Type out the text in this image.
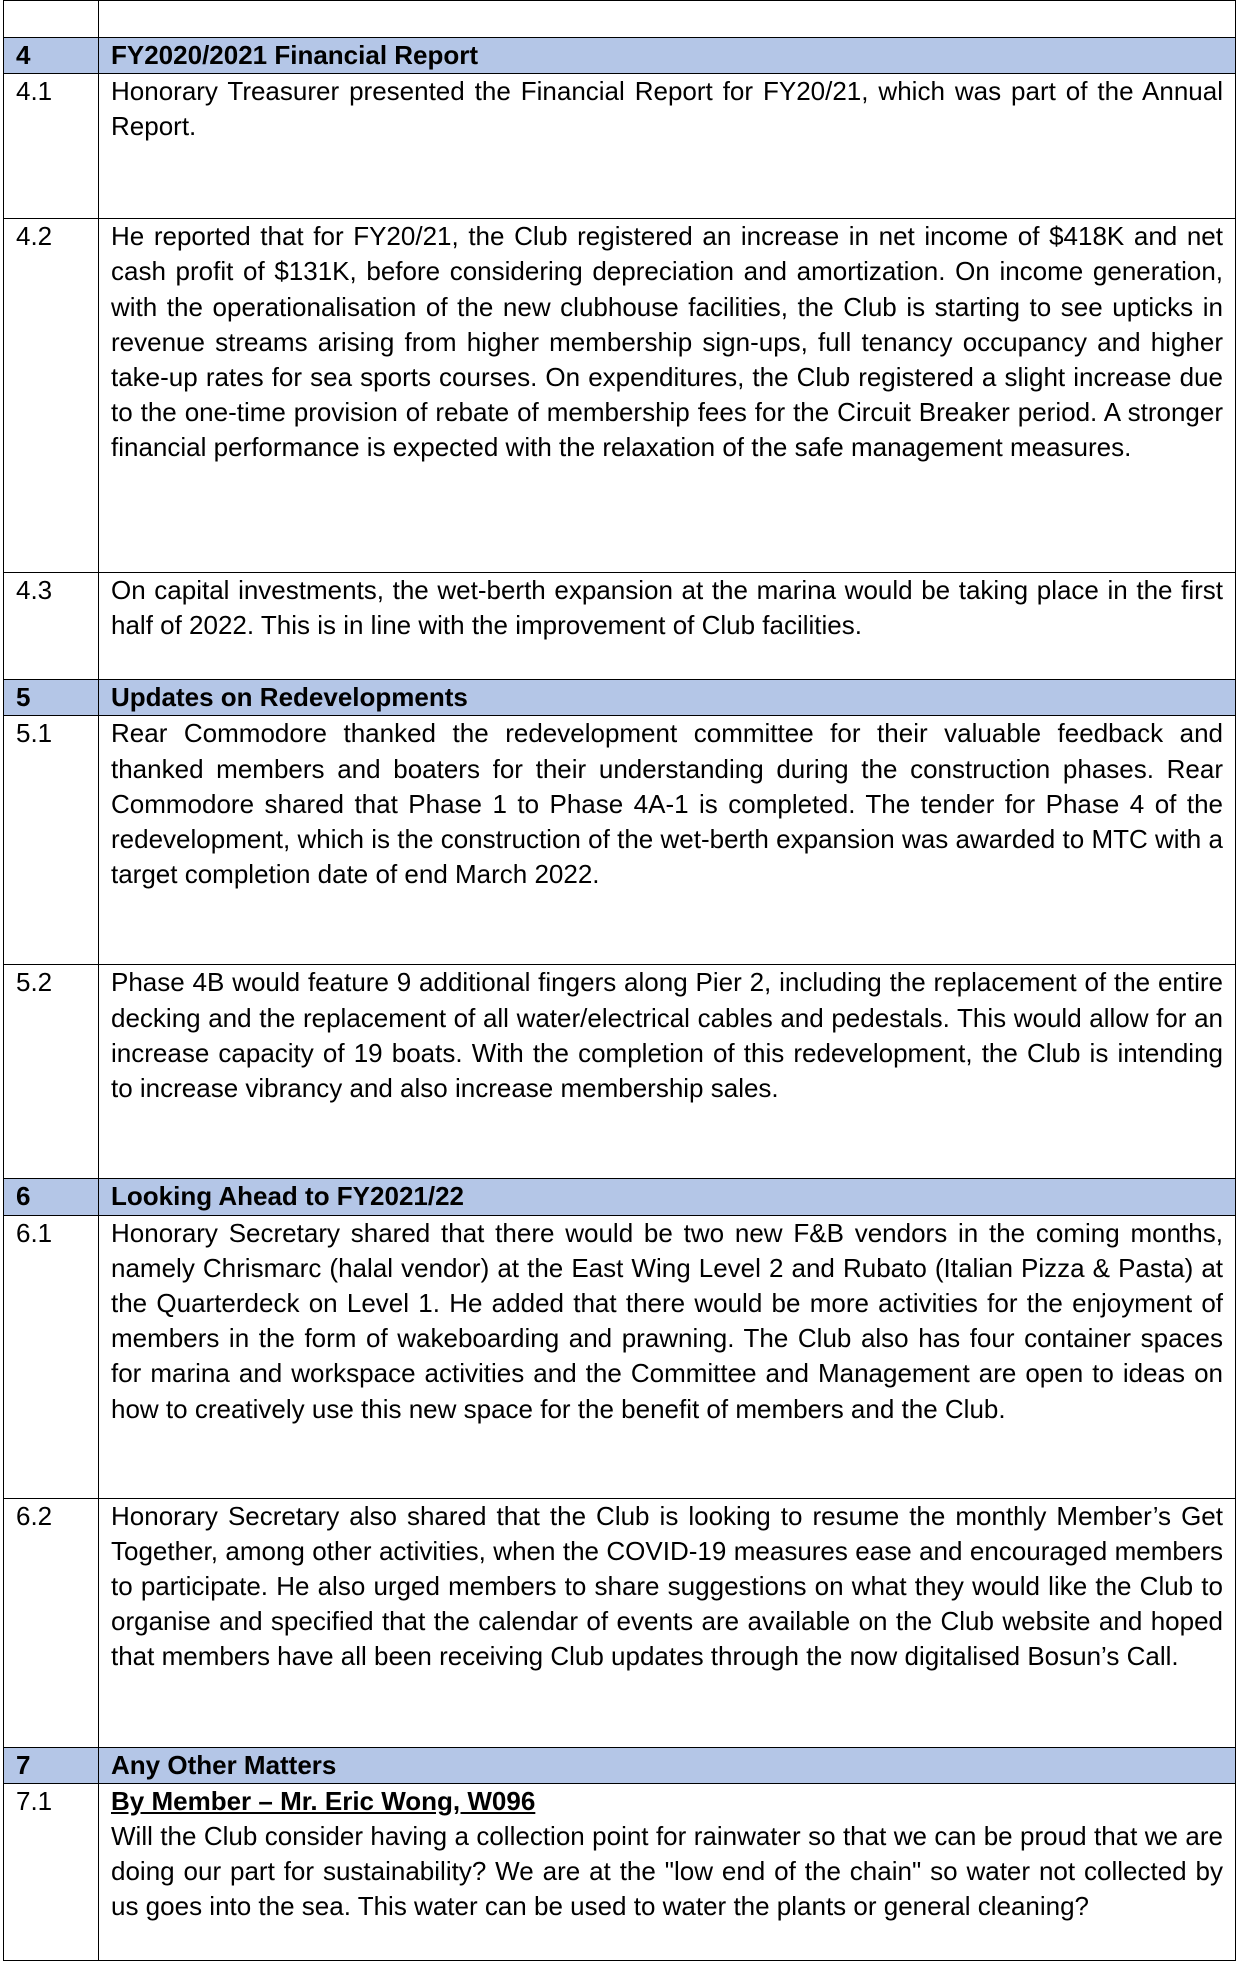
4	FY2020/2021 Financial Report
4.1	Honorary Treasurer presented the Financial Report for FY20/21, which was part of the Annual Report.
4.2	He reported that for FY20/21, the Club registered an increase in net income of $418K and net cash profit of $131K, before considering depreciation and amortization. On income generation, with the operationalisation of the new clubhouse facilities, the Club is starting to see upticks in revenue streams arising from higher membership sign-ups, full tenancy occupancy and higher take-up rates for sea sports courses. On expenditures, the Club registered a slight increase due to the one-time provision of rebate of membership fees for the Circuit Breaker period. A stronger financial performance is expected with the relaxation of the safe management measures.
4.3	On capital investments, the wet-berth expansion at the marina would be taking place in the first half of 2022. This is in line with the improvement of Club facilities.
5	Updates on Redevelopments
5.1	Rear Commodore thanked the redevelopment committee for their valuable feedback and thanked members and boaters for their understanding during the construction phases. Rear Commodore shared that Phase 1 to Phase 4A-1 is completed. The tender for Phase 4 of the redevelopment, which is the construction of the wet-berth expansion was awarded to MTC with a target completion date of end March 2022.
5.2	Phase 4B would feature 9 additional fingers along Pier 2, including the replacement of the entire decking and the replacement of all water/electrical cables and pedestals. This would allow for an increase capacity of 19 boats. With the completion of this redevelopment, the Club is intending to increase vibrancy and also increase membership sales.
6	Looking Ahead to FY2021/22
6.1	Honorary Secretary shared that there would be two new F&B vendors in the coming months, namely Chrismarc (halal vendor) at the East Wing Level 2 and Rubato (Italian Pizza & Pasta) at the Quarterdeck on Level 1. He added that there would be more activities for the enjoyment of members in the form of wakeboarding and prawning. The Club also has four container spaces for marina and workspace activities and the Committee and Management are open to ideas on how to creatively use this new space for the benefit of members and the Club.
6.2	Honorary Secretary also shared that the Club is looking to resume the monthly Member’s Get Together, among other activities, when the COVID-19 measures ease and encouraged members to participate. He also urged members to share suggestions on what they would like the Club to organise and specified that the calendar of events are available on the Club website and hoped that members have all been receiving Club updates through the now digitalised Bosun’s Call.
7	Any Other Matters
7.1	By Member – Mr. Eric Wong, W096

Will the Club consider having a collection point for rainwater so that we can be proud that we are doing our part for sustainability? We are at the "low end of the chain" so water not collected by us goes into the sea. This water can be used to water the plants or general cleaning?
